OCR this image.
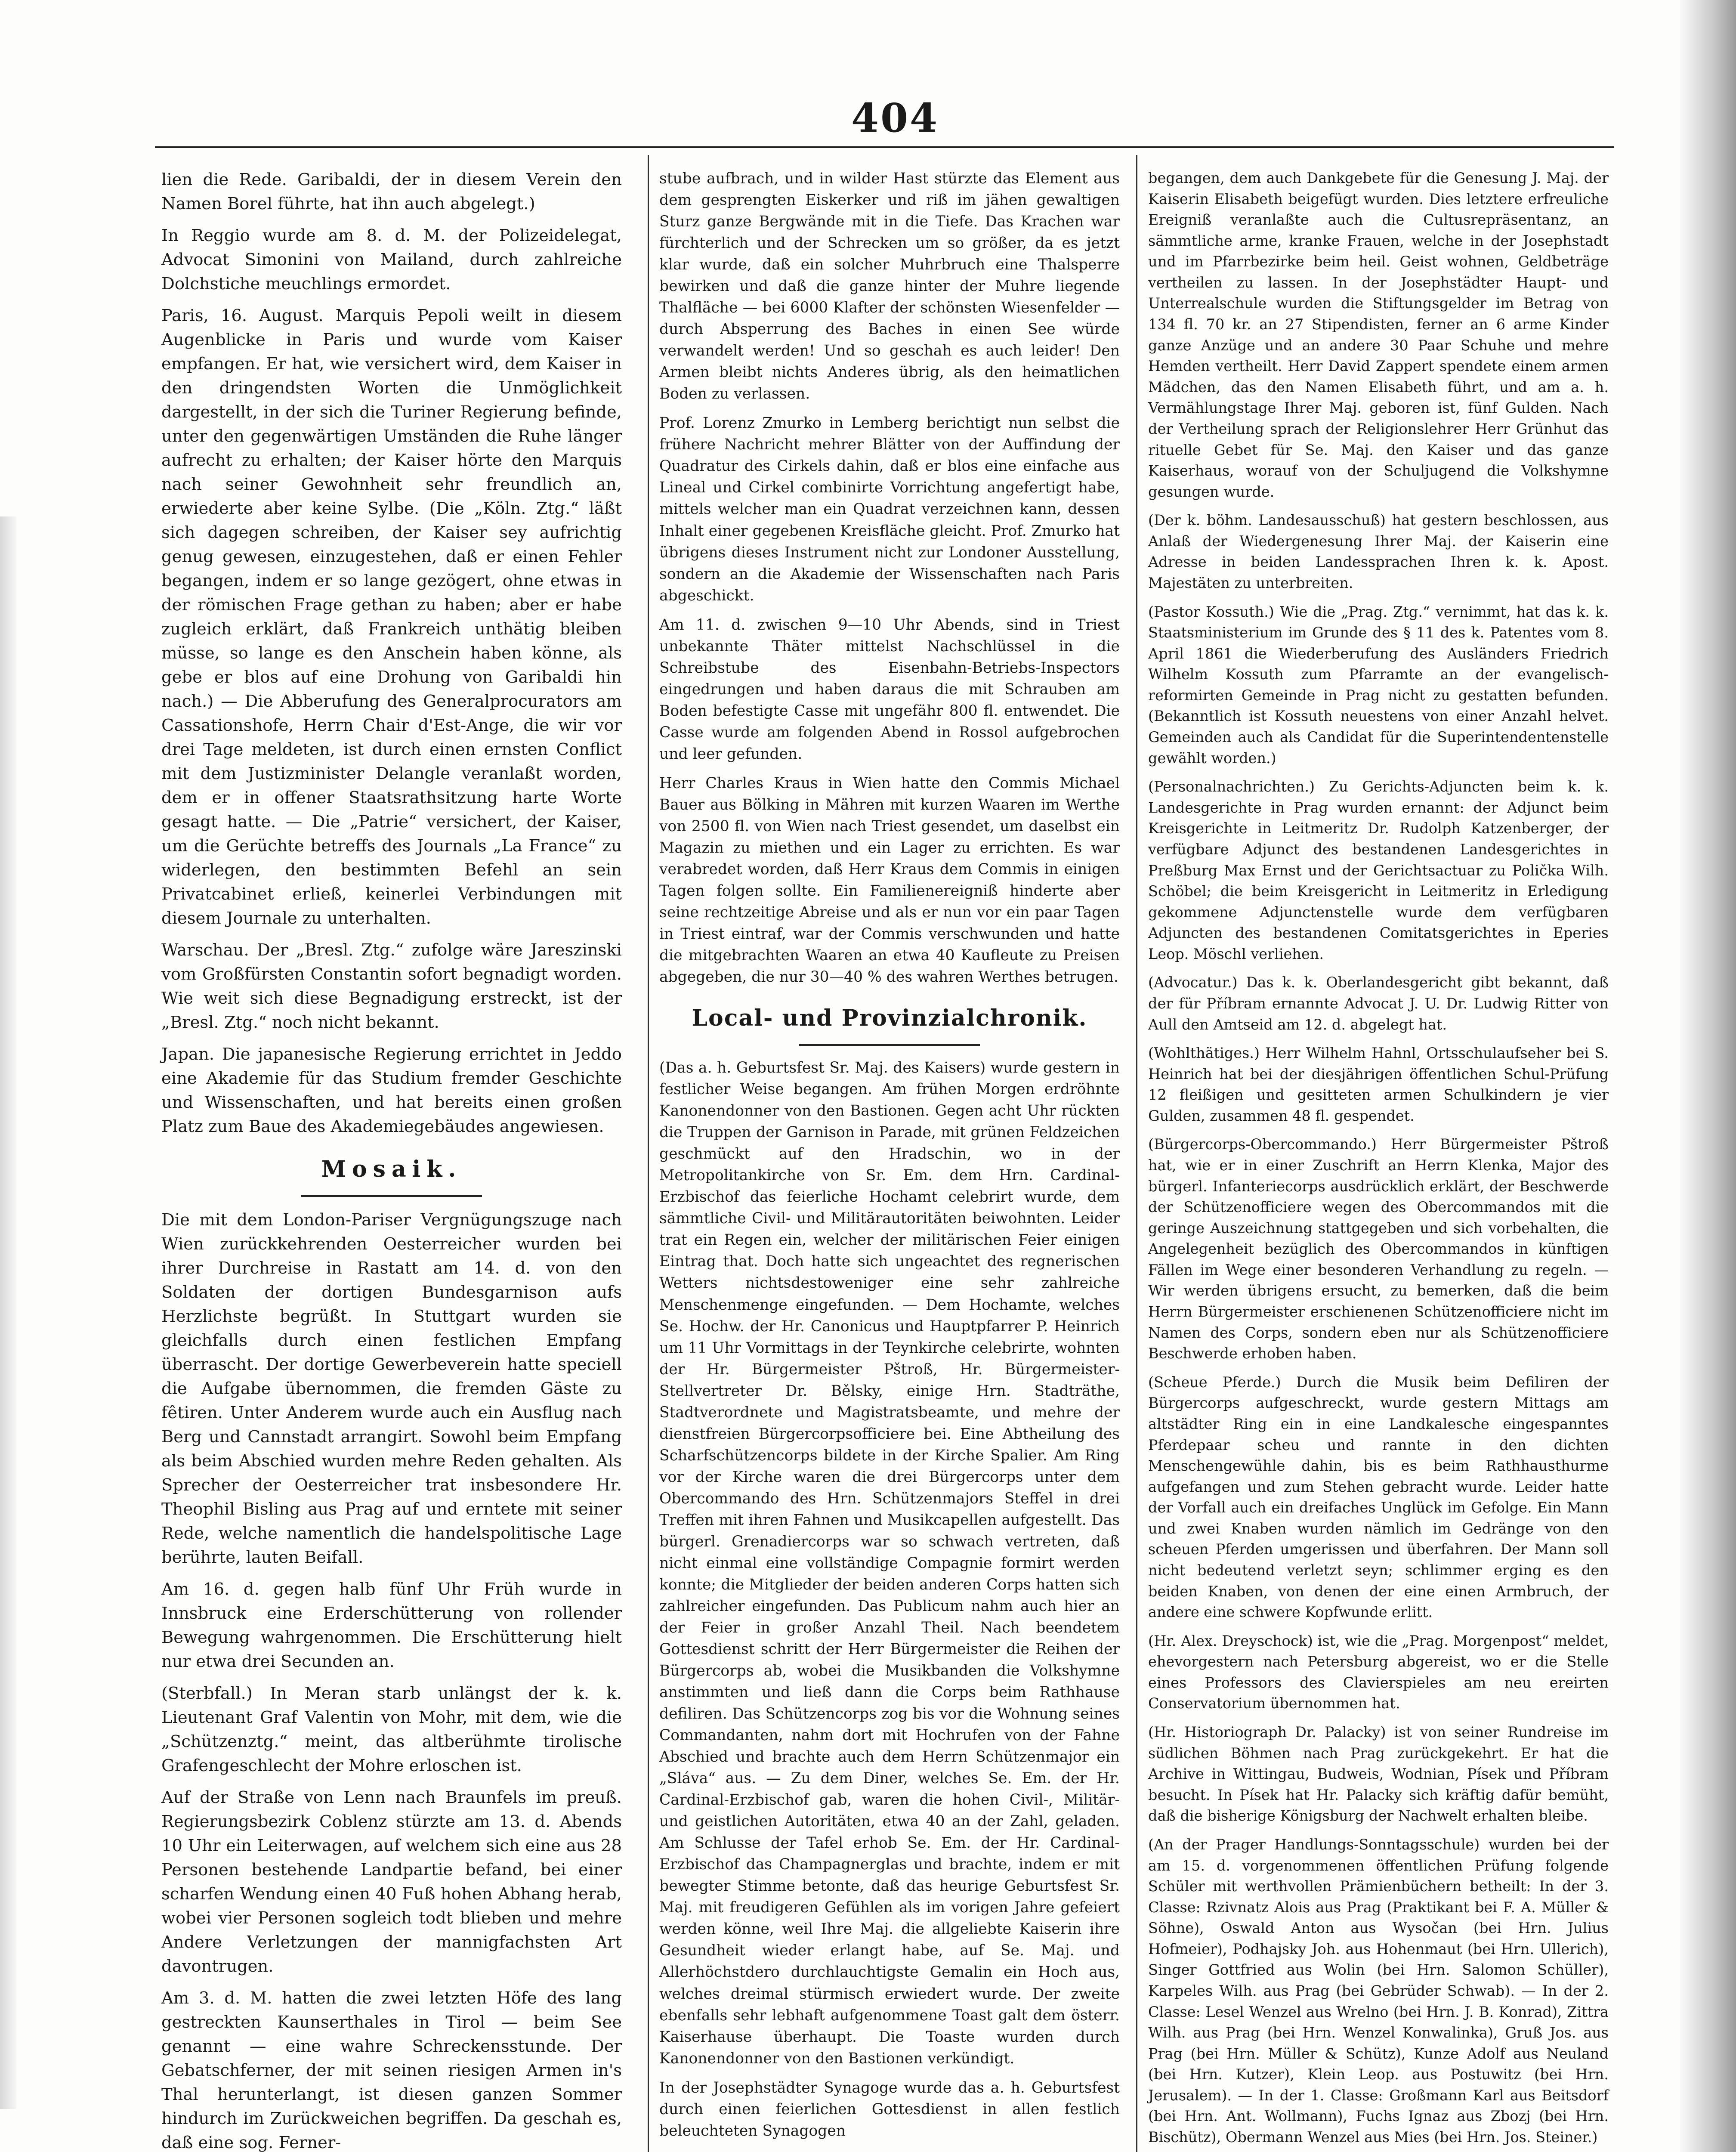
404

lien die Rede. Garibaldi, der in diesem Verein den Namen Borel führte, hat ihn auch abgelegt.)

In Reggio wurde am 8. d. M. der Polizeidelegat, Advocat Simonini von Mailand, durch zahlreiche Dolchstiche meuchlings ermordet.

Paris, 16. August. Marquis Pepoli weilt in diesem Augenblicke in Paris und wurde vom Kaiser empfangen. Er hat, wie versichert wird, dem Kaiser in den dringendsten Worten die Unmöglichkeit dargestellt, in der sich die Turiner Regierung befinde, unter den gegenwärtigen Umständen die Ruhe länger aufrecht zu erhalten; der Kaiser hörte den Marquis nach seiner Gewohnheit sehr freundlich an, erwiederte aber keine Sylbe. (Die „Köln. Ztg.“ läßt sich dagegen schreiben, der Kaiser sey aufrichtig genug gewesen, einzugestehen, daß er einen Fehler begangen, indem er so lange gezögert, ohne etwas in der römischen Frage gethan zu haben; aber er habe zugleich erklärt, daß Frankreich unthätig bleiben müsse, so lange es den Anschein haben könne, als gebe er blos auf eine Drohung von Garibaldi hin nach.) — Die Abberufung des Generalprocurators am Cassationshofe, Herrn Chair d'Est-Ange, die wir vor drei Tage meldeten, ist durch einen ernsten Conflict mit dem Justizminister Delangle veranlaßt worden, dem er in offener Staatsrathsitzung harte Worte gesagt hatte. — Die „Patrie“ versichert, der Kaiser, um die Gerüchte betreffs des Journals „La France“ zu widerlegen, den bestimmten Befehl an sein Privatcabinet erließ, keinerlei Verbindungen mit diesem Journale zu unterhalten.

Warschau. Der „Bresl. Ztg.“ zufolge wäre Jareszinski vom Großfürsten Constantin sofort begnadigt worden. Wie weit sich diese Begnadigung erstreckt, ist der „Bresl. Ztg.“ noch nicht bekannt.

Japan. Die japanesische Regierung errichtet in Jeddo eine Akademie für das Studium fremder Geschichte und Wissenschaften, und hat bereits einen großen Platz zum Baue des Akademiegebäudes angewiesen.

Mosaik.

Die mit dem London-Pariser Vergnügungszuge nach Wien zurückkehrenden Oesterreicher wurden bei ihrer Durchreise in Rastatt am 14. d. von den Soldaten der dortigen Bundesgarnison aufs Herzlichste begrüßt. In Stuttgart wurden sie gleichfalls durch einen festlichen Empfang überrascht. Der dortige Gewerbeverein hatte speciell die Aufgabe übernommen, die fremden Gäste zu fêtiren. Unter Anderem wurde auch ein Ausflug nach Berg und Cannstadt arrangirt. Sowohl beim Empfang als beim Abschied wurden mehre Reden gehalten. Als Sprecher der Oesterreicher trat insbesondere Hr. Theophil Bisling aus Prag auf und erntete mit seiner Rede, welche namentlich die handelspolitische Lage berührte, lauten Beifall.

Am 16. d. gegen halb fünf Uhr Früh wurde in Innsbruck eine Erderschütterung von rollender Bewegung wahrgenommen. Die Erschütterung hielt nur etwa drei Secunden an.

(Sterbfall.) In Meran starb unlängst der k. k. Lieutenant Graf Valentin von Mohr, mit dem, wie die „Schützenztg.“ meint, das altberühmte tirolische Grafengeschlecht der Mohre erloschen ist.

Auf der Straße von Lenn nach Braunfels im preuß. Regierungsbezirk Coblenz stürzte am 13. d. Abends 10 Uhr ein Leiterwagen, auf welchem sich eine aus 28 Personen bestehende Landpartie befand, bei einer scharfen Wendung einen 40 Fuß hohen Abhang herab, wobei vier Personen sogleich todt blieben und mehre Andere Verletzungen der mannigfachsten Art davontrugen.

Am 3. d. M. hatten die zwei letzten Höfe des lang gestreckten Kaunserthales in Tirol — beim See genannt — eine wahre Schreckensstunde. Der Gebatschferner, der mit seinen riesigen Armen in's Thal herunterlangt, ist diesen ganzen Sommer hindurch im Zurückweichen begriffen. Da geschah es, daß eine sog. Ferner-

stube aufbrach, und in wilder Hast stürzte das Element aus dem gesprengten Eiskerker und riß im jähen gewaltigen Sturz ganze Bergwände mit in die Tiefe. Das Krachen war fürchterlich und der Schrecken um so größer, da es jetzt klar wurde, daß ein solcher Muhrbruch eine Thalsperre bewirken und daß die ganze hinter der Muhre liegende Thalfläche — bei 6000 Klafter der schönsten Wiesenfelder — durch Absperrung des Baches in einen See würde verwandelt werden! Und so geschah es auch leider! Den Armen bleibt nichts Anderes übrig, als den heimatlichen Boden zu verlassen.

Prof. Lorenz Zmurko in Lemberg berichtigt nun selbst die frühere Nachricht mehrer Blätter von der Auffindung der Quadratur des Cirkels dahin, daß er blos eine einfache aus Lineal und Cirkel combinirte Vorrichtung angefertigt habe, mittels welcher man ein Quadrat verzeichnen kann, dessen Inhalt einer gegebenen Kreisfläche gleicht. Prof. Zmurko hat übrigens dieses Instrument nicht zur Londoner Ausstellung, sondern an die Akademie der Wissenschaften nach Paris abgeschickt.

Am 11. d. zwischen 9—10 Uhr Abends, sind in Triest unbekannte Thäter mittelst Nachschlüssel in die Schreibstube des Eisenbahn-Betriebs-Inspectors eingedrungen und haben daraus die mit Schrauben am Boden befestigte Casse mit ungefähr 800 fl. entwendet. Die Casse wurde am folgenden Abend in Rossol aufgebrochen und leer gefunden.

Herr Charles Kraus in Wien hatte den Commis Michael Bauer aus Bölking in Mähren mit kurzen Waaren im Werthe von 2500 fl. von Wien nach Triest gesendet, um daselbst ein Magazin zu miethen und ein Lager zu errichten. Es war verabredet worden, daß Herr Kraus dem Commis in einigen Tagen folgen sollte. Ein Familienereigniß hinderte aber seine rechtzeitige Abreise und als er nun vor ein paar Tagen in Triest eintraf, war der Commis verschwunden und hatte die mitgebrachten Waaren an etwa 40 Kaufleute zu Preisen abgegeben, die nur 30—40 % des wahren Werthes betrugen.

Local- und Provinzialchronik.

(Das a. h. Geburtsfest Sr. Maj. des Kaisers) wurde gestern in festlicher Weise begangen. Am frühen Morgen erdröhnte Kanonendonner von den Bastionen. Gegen acht Uhr rückten die Truppen der Garnison in Parade, mit grünen Feldzeichen geschmückt auf den Hradschin, wo in der Metropolitankirche von Sr. Em. dem Hrn. Cardinal-Erzbischof das feierliche Hochamt celebrirt wurde, dem sämmtliche Civil- und Militärautoritäten beiwohnten. Leider trat ein Regen ein, welcher der militärischen Feier einigen Eintrag that. Doch hatte sich ungeachtet des regnerischen Wetters nichtsdestoweniger eine sehr zahlreiche Menschenmenge eingefunden. — Dem Hochamte, welches Se. Hochw. der Hr. Canonicus und Hauptpfarrer P. Heinrich um 11 Uhr Vormittags in der Teynkirche celebrirte, wohnten der Hr. Bürgermeister Pštroß, Hr. Bürgermeister-Stellvertreter Dr. Bělsky, einige Hrn. Stadträthe, Stadtverordnete und Magistratsbeamte, und mehre der dienstfreien Bürgercorpsofficiere bei. Eine Abtheilung des Scharfschützencorps bildete in der Kirche Spalier. Am Ring vor der Kirche waren die drei Bürgercorps unter dem Obercommando des Hrn. Schützenmajors Steffel in drei Treffen mit ihren Fahnen und Musikcapellen aufgestellt. Das bürgerl. Grenadiercorps war so schwach vertreten, daß nicht einmal eine vollständige Compagnie formirt werden konnte; die Mitglieder der beiden anderen Corps hatten sich zahlreicher eingefunden. Das Publicum nahm auch hier an der Feier in großer Anzahl Theil. Nach beendetem Gottesdienst schritt der Herr Bürgermeister die Reihen der Bürgercorps ab, wobei die Musikbanden die Volkshymne anstimmten und ließ dann die Corps beim Rathhause defiliren. Das Schützencorps zog bis vor die Wohnung seines Commandanten, nahm dort mit Hochrufen von der Fahne Abschied und brachte auch dem Herrn Schützenmajor ein „Sláva“ aus. — Zu dem Diner, welches Se. Em. der Hr. Cardinal-Erzbischof gab, waren die hohen Civil-, Militär- und geistlichen Autoritäten, etwa 40 an der Zahl, geladen. Am Schlusse der Tafel erhob Se. Em. der Hr. Cardinal-Erzbischof das Champagnerglas und brachte, indem er mit bewegter Stimme betonte, daß das heurige Geburtsfest Sr. Maj. mit freudigeren Gefühlen als im vorigen Jahre gefeiert werden könne, weil Ihre Maj. die allgeliebte Kaiserin ihre Gesundheit wieder erlangt habe, auf Se. Maj. und Allerhöchstdero durchlauchtigste Gemalin ein Hoch aus, welches dreimal stürmisch erwiedert wurde. Der zweite ebenfalls sehr lebhaft aufgenommene Toast galt dem österr. Kaiserhause überhaupt. Die Toaste wurden durch Kanonendonner von den Bastionen verkündigt.

In der Josephstädter Synagoge wurde das a. h. Geburtsfest durch einen feierlichen Gottesdienst in allen festlich beleuchteten Synagogen

begangen, dem auch Dankgebete für die Genesung J. Maj. der Kaiserin Elisabeth beigefügt wurden. Dies letztere erfreuliche Ereigniß veranlaßte auch die Cultusrepräsentanz, an sämmtliche arme, kranke Frauen, welche in der Josephstadt und im Pfarrbezirke beim heil. Geist wohnen, Geldbeträge vertheilen zu lassen. In der Josephstädter Haupt- und Unterrealschule wurden die Stiftungsgelder im Betrag von 134 fl. 70 kr. an 27 Stipendisten, ferner an 6 arme Kinder ganze Anzüge und an andere 30 Paar Schuhe und mehre Hemden vertheilt. Herr David Zappert spendete einem armen Mädchen, das den Namen Elisabeth führt, und am a. h. Vermählungstage Ihrer Maj. geboren ist, fünf Gulden. Nach der Vertheilung sprach der Religionslehrer Herr Grünhut das rituelle Gebet für Se. Maj. den Kaiser und das ganze Kaiserhaus, worauf von der Schuljugend die Volkshymne gesungen wurde.

(Der k. böhm. Landesausschuß) hat gestern beschlossen, aus Anlaß der Wiedergenesung Ihrer Maj. der Kaiserin eine Adresse in beiden Landessprachen Ihren k. k. Apost. Majestäten zu unterbreiten.

(Pastor Kossuth.) Wie die „Prag. Ztg.“ vernimmt, hat das k. k. Staatsministerium im Grunde des § 11 des k. Patentes vom 8. April 1861 die Wiederberufung des Ausländers Friedrich Wilhelm Kossuth zum Pfarramte an der evangelisch-reformirten Gemeinde in Prag nicht zu gestatten befunden. (Bekanntlich ist Kossuth neuestens von einer Anzahl helvet. Gemeinden auch als Candidat für die Superintendentenstelle gewählt worden.)

(Personalnachrichten.) Zu Gerichts-Adjuncten beim k. k. Landesgerichte in Prag wurden ernannt: der Adjunct beim Kreisgerichte in Leitmeritz Dr. Rudolph Katzenberger, der verfügbare Adjunct des bestandenen Landesgerichtes in Preßburg Max Ernst und der Gerichtsactuar zu Polička Wilh. Schöbel; die beim Kreisgericht in Leitmeritz in Erledigung gekommene Adjunctenstelle wurde dem verfügbaren Adjuncten des bestandenen Comitatsgerichtes in Eperies Leop. Möschl verliehen.

(Advocatur.) Das k. k. Oberlandesgericht gibt bekannt, daß der für Příbram ernannte Advocat J. U. Dr. Ludwig Ritter von Aull den Amtseid am 12. d. abgelegt hat.

(Wohlthätiges.) Herr Wilhelm Hahnl, Ortsschulaufseher bei S. Heinrich hat bei der diesjährigen öffentlichen Schul-Prüfung 12 fleißigen und gesitteten armen Schulkindern je vier Gulden, zusammen 48 fl. gespendet.

(Bürgercorps-Obercommando.) Herr Bürgermeister Pštroß hat, wie er in einer Zuschrift an Herrn Klenka, Major des bürgerl. Infanteriecorps ausdrücklich erklärt, der Beschwerde der Schützenofficiere wegen des Obercommandos mit die geringe Auszeichnung stattgegeben und sich vorbehalten, die Angelegenheit bezüglich des Obercommandos in künftigen Fällen im Wege einer besonderen Verhandlung zu regeln. — Wir werden übrigens ersucht, zu bemerken, daß die beim Herrn Bürgermeister erschienenen Schützenofficiere nicht im Namen des Corps, sondern eben nur als Schützenofficiere Beschwerde erhoben haben.

(Scheue Pferde.) Durch die Musik beim Defiliren der Bürgercorps aufgeschreckt, wurde gestern Mittags am altstädter Ring ein in eine Landkalesche eingespanntes Pferdepaar scheu und rannte in den dichten Menschengewühle dahin, bis es beim Rathhausthurme aufgefangen und zum Stehen gebracht wurde. Leider hatte der Vorfall auch ein dreifaches Unglück im Gefolge. Ein Mann und zwei Knaben wurden nämlich im Gedränge von den scheuen Pferden umgerissen und überfahren. Der Mann soll nicht bedeutend verletzt seyn; schlimmer erging es den beiden Knaben, von denen der eine einen Armbruch, der andere eine schwere Kopfwunde erlitt.

(Hr. Alex. Dreyschock) ist, wie die „Prag. Morgenpost“ meldet, ehevorgestern nach Petersburg abgereist, wo er die Stelle eines Professors des Clavierspieles am neu ereirten Conservatorium übernommen hat.

(Hr. Historiograph Dr. Palacky) ist von seiner Rundreise im südlichen Böhmen nach Prag zurückgekehrt. Er hat die Archive in Wittingau, Budweis, Wodnian, Písek und Příbram besucht. In Písek hat Hr. Palacky sich kräftig dafür bemüht, daß die bisherige Königsburg der Nachwelt erhalten bleibe.

(An der Prager Handlungs-Sonntagsschule) wurden bei der am 15. d. vorgenommenen öffentlichen Prüfung folgende Schüler mit werthvollen Prämienbüchern betheilt: In der 3. Classe: Rzivnatz Alois aus Prag (Praktikant bei F. A. Müller & Söhne), Oswald Anton aus Wysočan (bei Hrn. Julius Hofmeier), Podhajsky Joh. aus Hohenmaut (bei Hrn. Ullerich), Singer Gottfried aus Wolin (bei Hrn. Salomon Schüller), Karpeles Wilh. aus Prag (bei Gebrüder Schwab). — In der 2. Classe: Lesel Wenzel aus Wrelno (bei Hrn. J. B. Konrad), Zittra Wilh. aus Prag (bei Hrn. Wenzel Konwalinka), Gruß Jos. aus Prag (bei Hrn. Müller & Schütz), Kunze Adolf aus Neuland (bei Hrn. Kutzer), Klein Leop. aus Postuwitz (bei Hrn. Jerusalem). — In der 1. Classe: Großmann Karl aus Beitsdorf (bei Hrn. Ant. Wollmann), Fuchs Ignaz aus Zbozj (bei Hrn. Bischütz), Obermann Wenzel aus Mies (bei Hrn. Jos. Steiner.)
